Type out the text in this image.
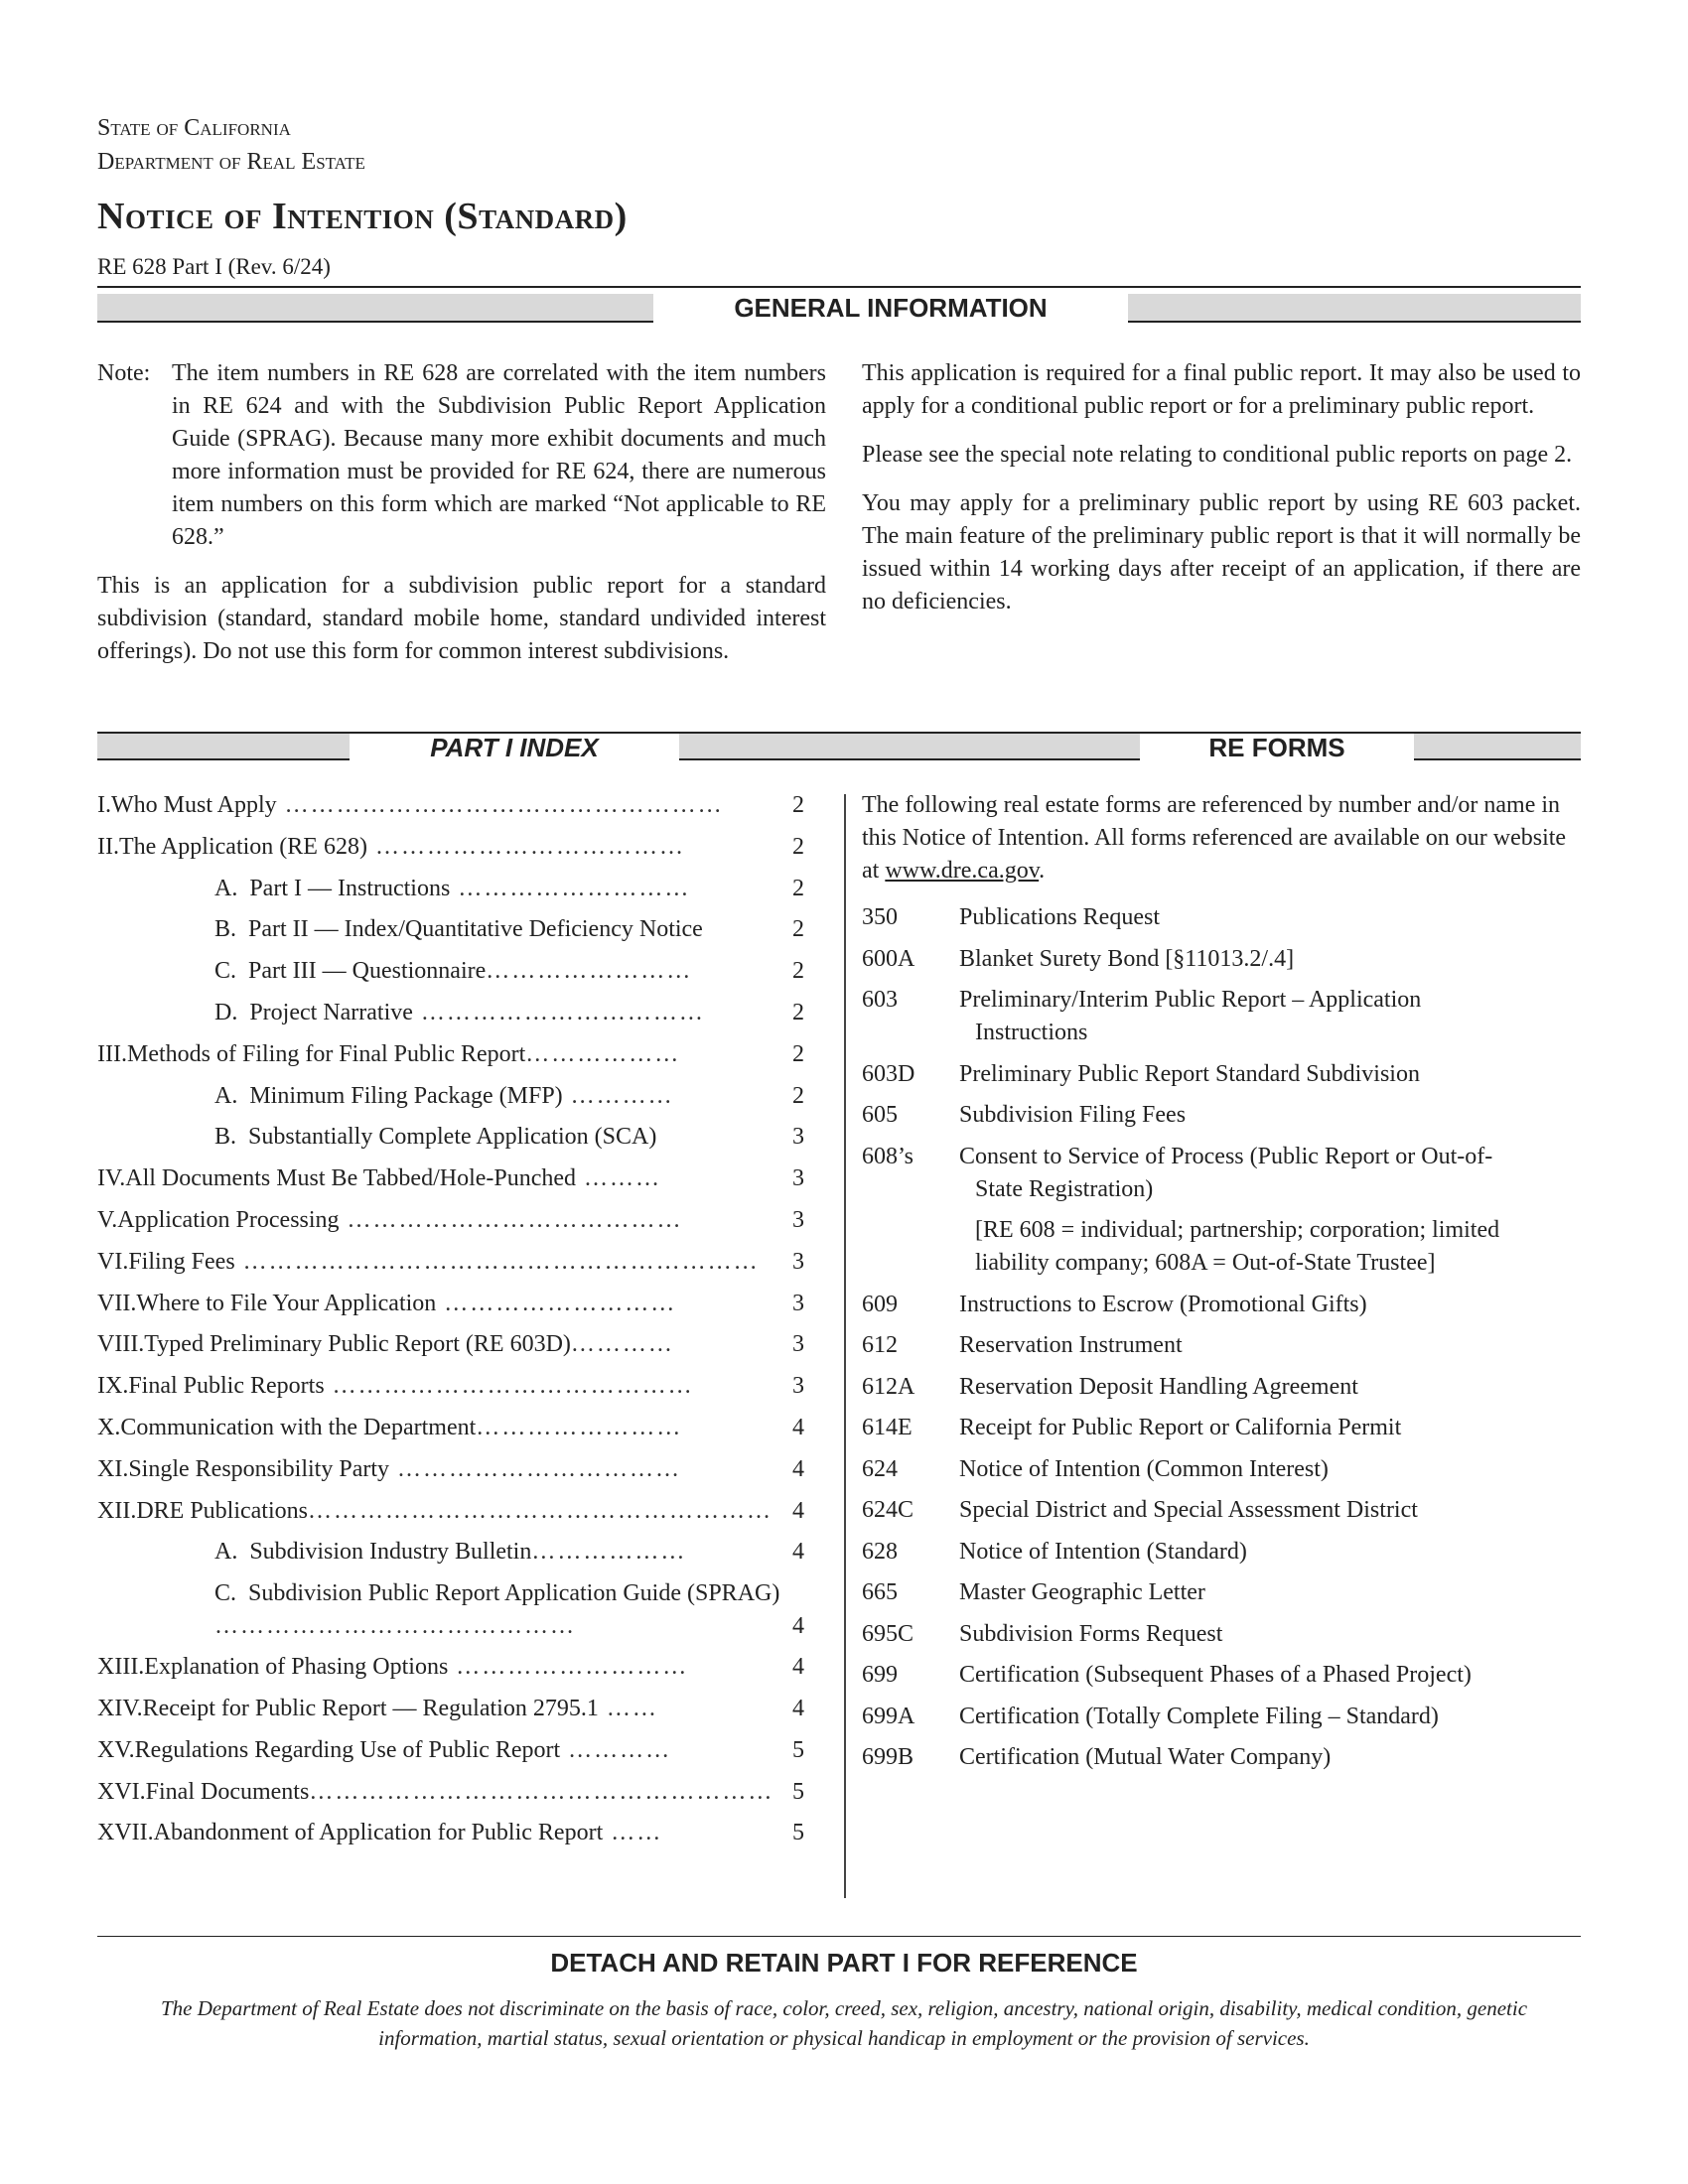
State of California
Department of Real Estate
Notice of Intention (Standard)
RE 628 Part I (Rev. 6/24)
GENERAL INFORMATION
Note: The item numbers in RE 628 are correlated with the item numbers in RE 624 and with the Subdivision Public Report Application Guide (SPRAG). Because many more exhibit documents and much more information must be provided for RE 624, there are numerous item numbers on this form which are marked “Not applicable to RE 628.”

This is an application for a subdivision public report for a standard subdivision (standard, standard mobile home, standard undivided interest offerings). Do not use this form for common interest subdivisions.

This application is required for a final public report. It may also be used to apply for a conditional public report or for a preliminary public report.

Please see the special note relating to conditional public reports on page 2.

You may apply for a preliminary public report by using RE 603 packet. The main feature of the preliminary public report is that it will normally be issued within 14 working days after receipt of an application, if there are no deficiencies.

PART I INDEX	RE FORMS
I.Who Must Apply ……………………………………………	2
II.The Application (RE 628) ………………………………	2
A.  Part I — Instructions ………………………	2
B.  Part II — Index/Quantitative Deficiency Notice	2
C.  Part III — Questionnaire……………………	2
D.  Project Narrative ……………………………	2
III.Methods of Filing for Final Public Report………………	2
A.  Minimum Filing Package (MFP) …………	2
B.  Substantially Complete Application (SCA)	3
IV.All Documents Must Be Tabbed/Hole-Punched ………	3
V.Application Processing …………………………………	3
VI.Filing Fees ……………………………………………………	3
VII.Where to File Your Application ………………………	3
VIII.Typed Preliminary Public Report (RE 603D)…………	3
IX.Final Public Reports ……………………………………	3
X.Communication with the Department……………………	4
XI.Single Responsibility Party ……………………………	4
XII.DRE Publications……………………………………………… 4
A.  Subdivision Industry Bulletin………………	4
C.  Subdivision Public Report Application Guide (SPRAG) ……………………………………	4
XIII.Explanation of Phasing Options ………………………	4
XIV.Receipt for Public Report — Regulation 2795.1 ……	4
XV.Regulations Regarding Use of Public Report …………	5
XVI.Final Documents……………………………………………… 5
XVII.Abandonment of Application for Public Report ……	5
The following real estate forms are referenced by number and/or name in this Notice of Intention. All forms referenced are available on our website at www.dre.ca.gov.
350	Publications Request
600A	Blanket Surety Bond [§11013.2/.4]
603	Preliminary/Interim Public Report – Application
Instructions
603D	Preliminary Public Report Standard Subdivision
605	Subdivision Filing Fees
608’s	Consent to Service of Process (Public Report or Out-of-
State Registration)
[RE 608 = individual; partnership; corporation; limited
liability company; 608A = Out-of-State Trustee]
609	Instructions to Escrow (Promotional Gifts)
612	Reservation Instrument
612A	Reservation Deposit Handling Agreement
614E	Receipt for Public Report or California Permit
624	Notice of Intention (Common Interest)
624C	Special District and Special Assessment District
628	Notice of Intention (Standard)
665	Master Geographic Letter
695C	Subdivision Forms Request
699	Certification (Subsequent Phases of a Phased Project)
699A	Certification (Totally Complete Filing – Standard)
699B	Certification (Mutual Water Company)
DETACH AND RETAIN PART I FOR REFERENCE
The Department of Real Estate does not discriminate on the basis of race, color, creed, sex, religion, ancestry, national origin, disability, medical condition, genetic information, martial status, sexual orientation or physical handicap in employment or the provision of services.
